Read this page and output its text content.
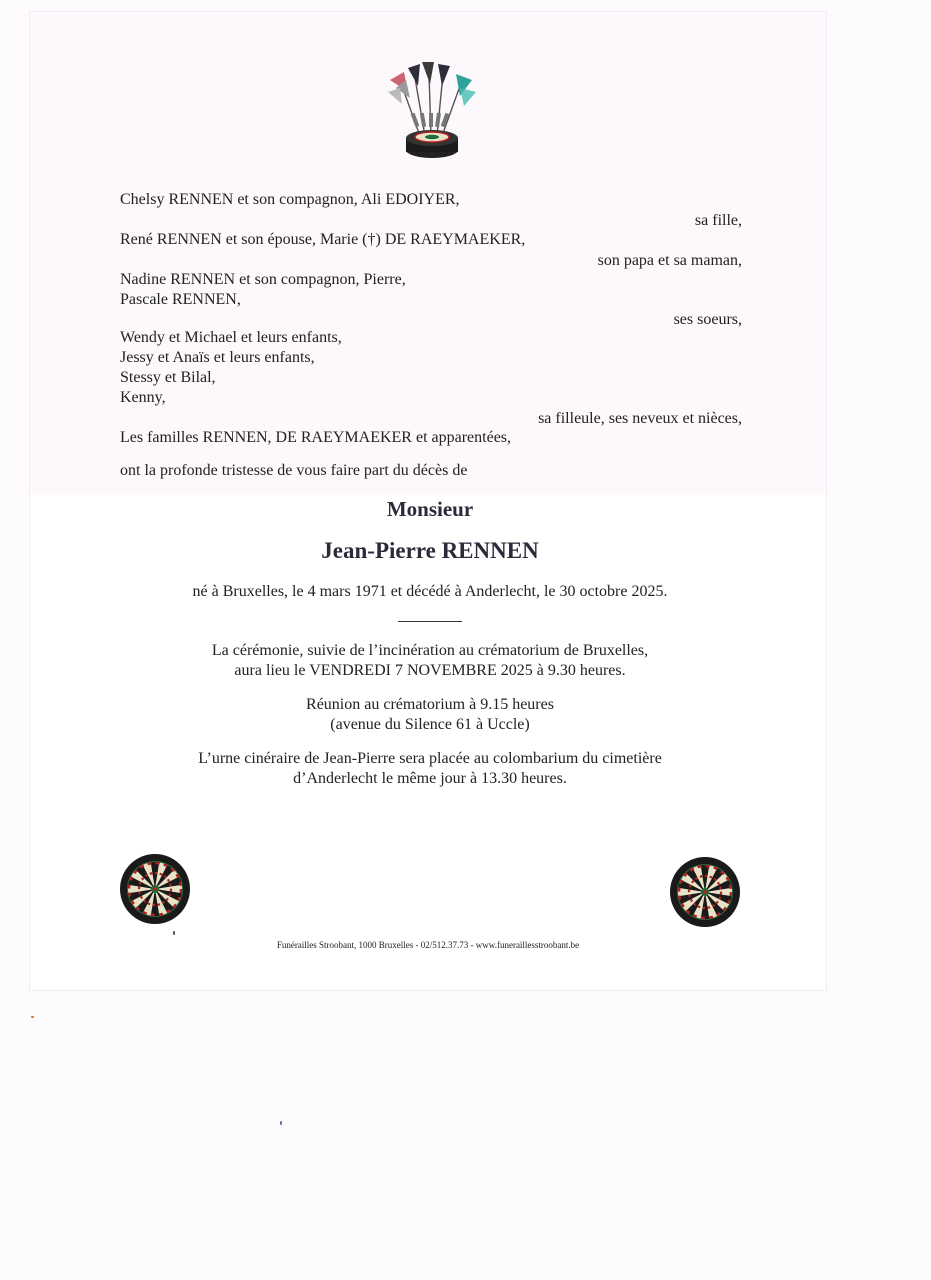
Chelsy RENNEN et son compagnon, Ali EDOIYER,
sa fille,
René RENNEN et son épouse, Marie (†) DE RAEYMAEKER,
son papa et sa maman,
Nadine RENNEN et son compagnon, Pierre,
Pascale RENNEN,
ses soeurs,
Wendy et Michael et leurs enfants,
Jessy et Anaïs et leurs enfants,
Stessy et Bilal,
Kenny,
sa filleule, ses neveux et nièces,
Les familles RENNEN, DE RAEYMAEKER et apparentées,
ont la profonde tristesse de vous faire part du décès de
Monsieur
Jean-Pierre RENNEN
né à Bruxelles, le 4 mars 1971 et décédé à Anderlecht, le 30 octobre 2025.
La cérémonie, suivie de l’incinération au crématorium de Bruxelles,
aura lieu le VENDREDI 7 NOVEMBRE 2025 à 9.30 heures.
Réunion au crématorium à 9.15 heures
(avenue du Silence 61 à Uccle)
L’urne cinéraire de Jean-Pierre sera placée au colombarium du cimetière
d’Anderlecht le même jour à 13.30 heures.
Funérailles Stroobant, 1000 Bruxelles - 02/512.37.73 - www.funeraillesstroobant.be
